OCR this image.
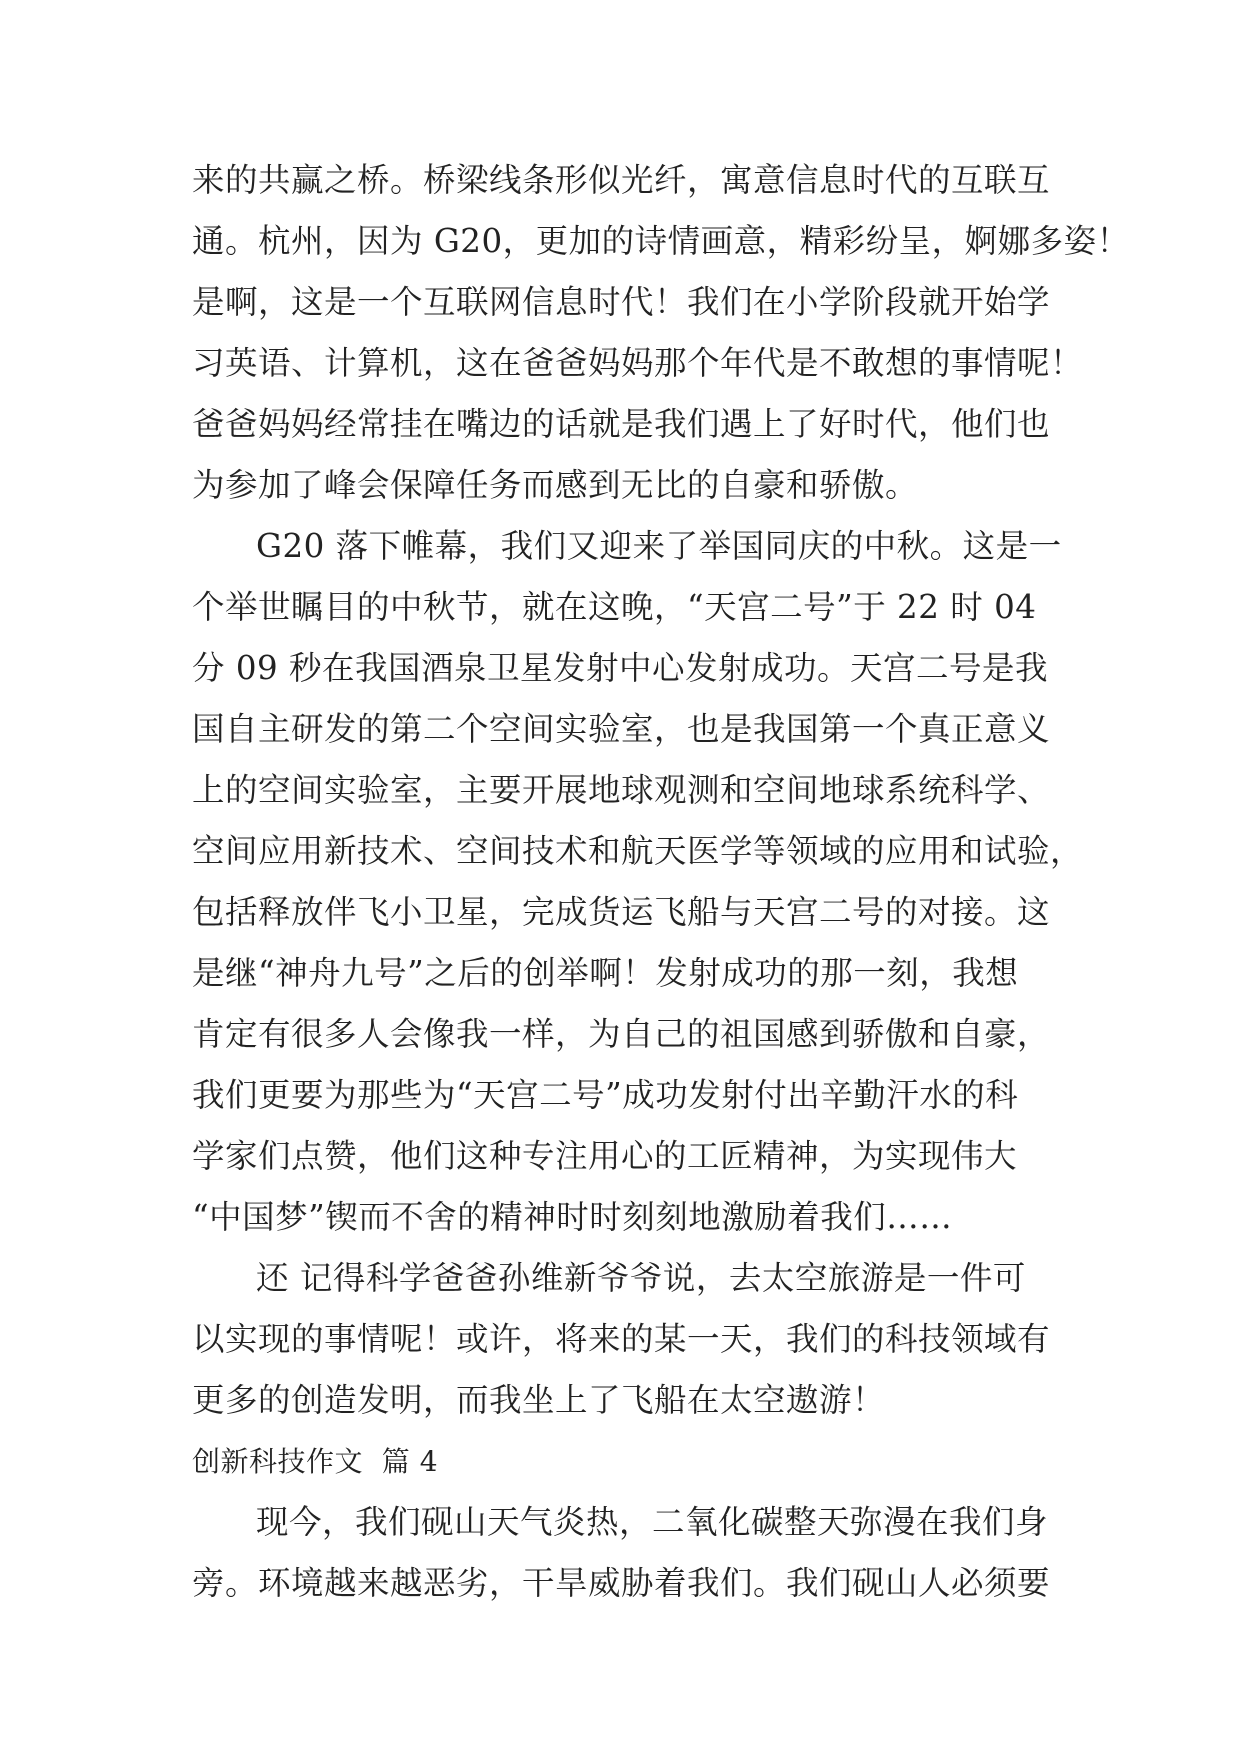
来的共赢之桥。桥梁线条形似光纤，寓意信息时代的互联互
通。杭州，因为 G20，更加的诗情画意，精彩纷呈，婀娜多姿！
是啊，这是一个互联网信息时代！我们在小学阶段就开始学
习英语、计算机，这在爸爸妈妈那个年代是不敢想的事情呢！
爸爸妈妈经常挂在嘴边的话就是我们遇上了好时代，他们也
为参加了峰会保障任务而感到无比的自豪和骄傲。
G20 落下帷幕，我们又迎来了举国同庆的中秋。这是一
个举世瞩目的中秋节，就在这晚，“天宫二号”于 22 时 04
分 09 秒在我国酒泉卫星发射中心发射成功。天宫二号是我
国自主研发的第二个空间实验室，也是我国第一个真正意义
上的空间实验室，主要开展地球观测和空间地球系统科学、
空间应用新技术、空间技术和航天医学等领域的应用和试验，
包括释放伴飞小卫星，完成货运飞船与天宫二号的对接。这
是继“神舟九号”之后的创举啊！发射成功的那一刻，我想
肯定有很多人会像我一样，为自己的祖国感到骄傲和自豪，
我们更要为那些为“天宫二号”成功发射付出辛勤汗水的科
学家们点赞，他们这种专注用心的工匠精神，为实现伟大
“中国梦”锲而不舍的精神时时刻刻地激励着我们……
还 记得科学爸爸孙维新爷爷说，去太空旅游是一件可
以实现的事情呢！或许，将来的某一天，我们的科技领域有
更多的创造发明，而我坐上了飞船在太空遨游！
创新科技作文  篇 4
现今，我们砚山天气炎热，二氧化碳整天弥漫在我们身
旁。环境越来越恶劣，干旱威胁着我们。我们砚山人必须要
